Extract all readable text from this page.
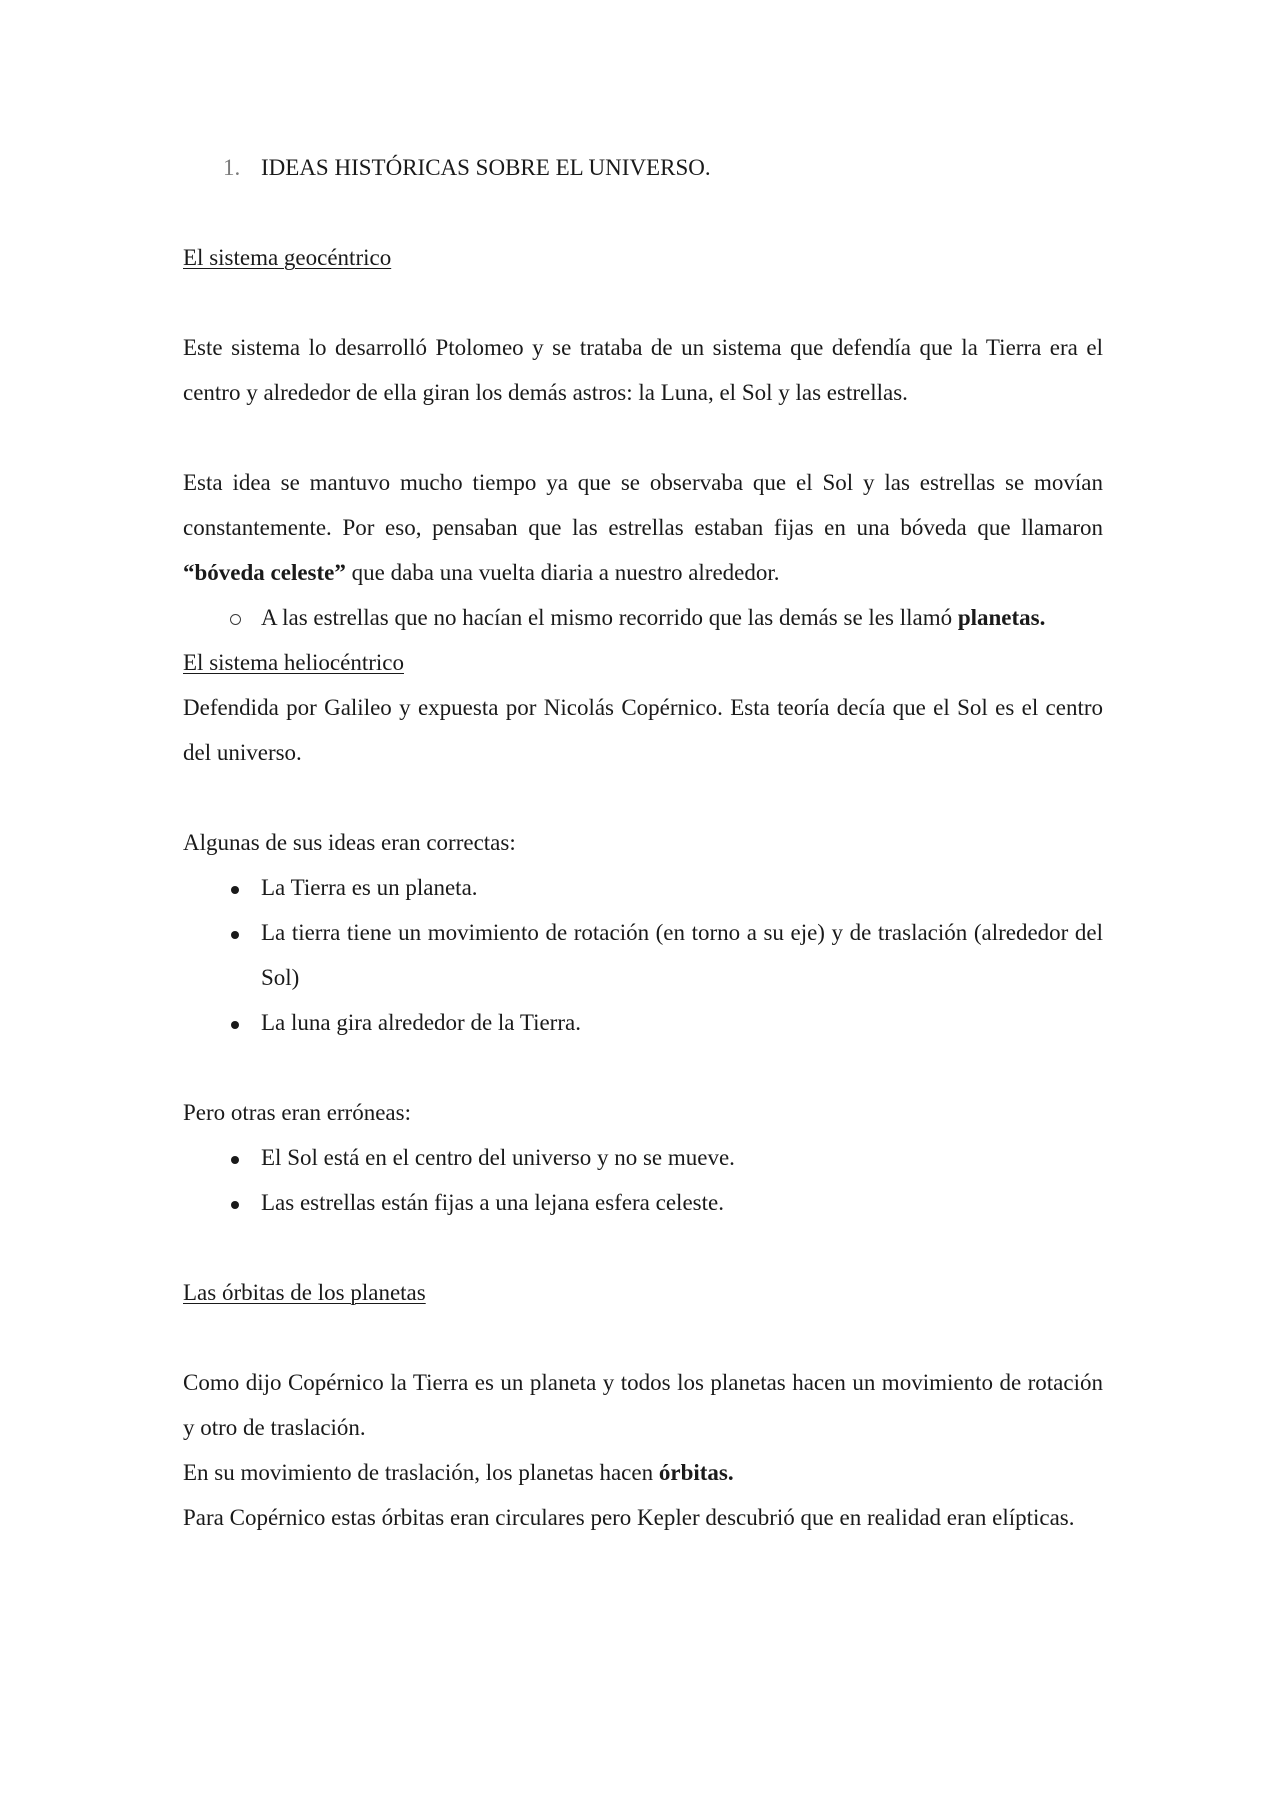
1. IDEAS HISTÓRICAS SOBRE EL UNIVERSO.

El sistema geocéntrico

Este sistema lo desarrolló Ptolomeo y se trataba de un sistema que defendía que la Tierra era el centro y alrededor de ella giran los demás astros: la Luna, el Sol y las estrellas.

Esta idea se mantuvo mucho tiempo ya que se observaba que el Sol y las estrellas se movían constantemente. Por eso, pensaban que las estrellas estaban fijas en una bóveda que llamaron “bóveda celeste” que daba una vuelta diaria a nuestro alrededor.

A las estrellas que no hacían el mismo recorrido que las demás se les llamó planetas.

El sistema heliocéntrico

Defendida por Galileo y expuesta por Nicolás Copérnico. Esta teoría decía que el Sol es el centro del universo.

Algunas de sus ideas eran correctas:

La Tierra es un planeta.
La tierra tiene un movimiento de rotación (en torno a su eje) y de traslación (alrededor del Sol)
La luna gira alrededor de la Tierra.

Pero otras eran erróneas:

El Sol está en el centro del universo y no se mueve.
Las estrellas están fijas a una lejana esfera celeste.

Las órbitas de los planetas

Como dijo Copérnico la Tierra es un planeta y todos los planetas hacen un movimiento de rotación y otro de traslación.

En su movimiento de traslación, los planetas hacen órbitas.

Para Copérnico estas órbitas eran circulares pero Kepler descubrió que en realidad eran elípticas.
